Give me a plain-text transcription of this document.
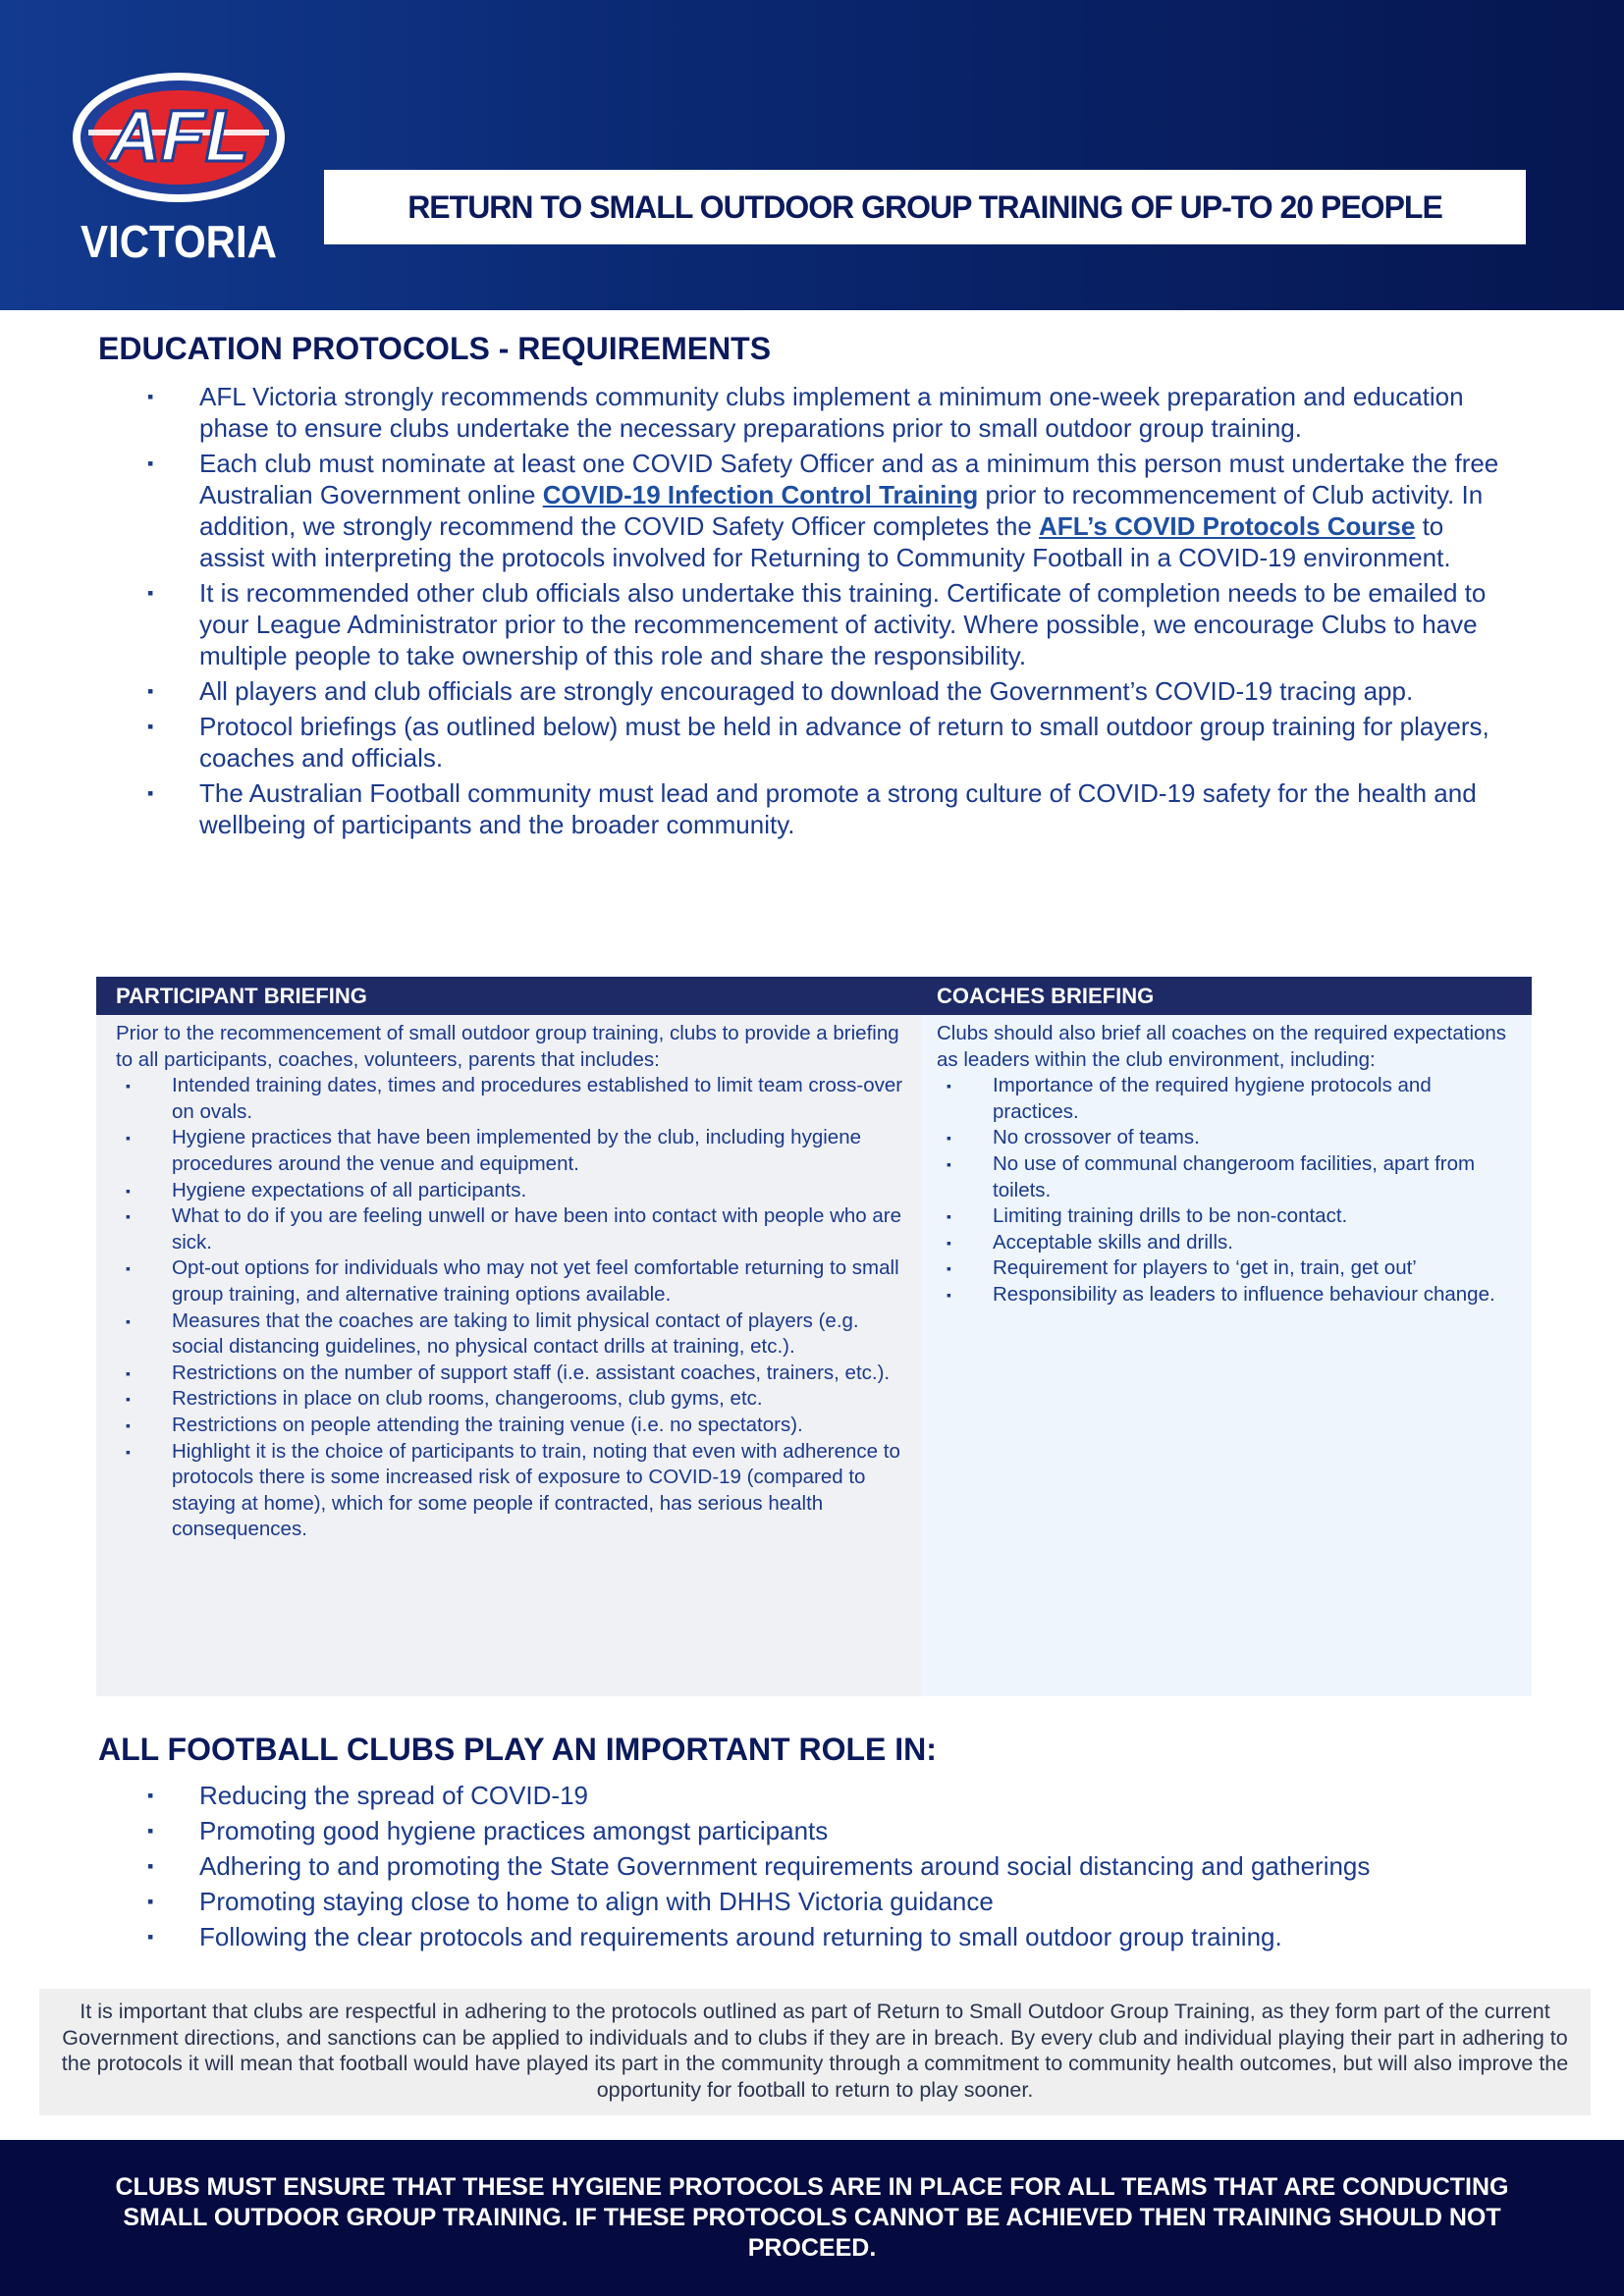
AFL
VICTORIA
RETURN TO SMALL OUTDOOR GROUP TRAINING OF UP-TO 20 PEOPLE
EDUCATION PROTOCOLS - REQUIREMENTS
▪ AFL Victoria strongly recommends community clubs implement a minimum one-week preparation and education phase to ensure clubs undertake the necessary preparations prior to small outdoor group training.
▪ Each club must nominate at least one COVID Safety Officer and as a minimum this person must undertake the free Australian Government online COVID-19 Infection Control Training prior to recommencement of Club activity. In addition, we strongly recommend the COVID Safety Officer completes the AFL’s COVID Protocols Course to assist with interpreting the protocols involved for Returning to Community Football in a COVID-19 environment.
▪ It is recommended other club officials also undertake this training. Certificate of completion needs to be emailed to your League Administrator prior to the recommencement of activity. Where possible, we encourage Clubs to have multiple people to take ownership of this role and share the responsibility.
▪ All players and club officials are strongly encouraged to download the Government’s COVID-19 tracing app.
▪ Protocol briefings (as outlined below) must be held in advance of return to small outdoor group training for players, coaches and officials.
▪ The Australian Football community must lead and promote a strong culture of COVID-19 safety for the health and wellbeing of participants and the broader community.
PARTICIPANT BRIEFING	COACHES BRIEFING

Prior to the recommencement of small outdoor group training, clubs to provide a briefing to all participants, coaches, volunteers, parents that includes:

▪ Intended training dates, times and procedures established to limit team cross-over on ovals.
▪ Hygiene practices that have been implemented by the club, including hygiene procedures around the venue and equipment.
▪ Hygiene expectations of all participants.
▪ What to do if you are feeling unwell or have been into contact with people who are sick.
▪ Opt-out options for individuals who may not yet feel comfortable returning to small group training, and alternative training options available.
▪ Measures that the coaches are taking to limit physical contact of players (e.g. social distancing guidelines, no physical contact drills at training, etc.).
▪ Restrictions on the number of support staff (i.e. assistant coaches, trainers, etc.).
▪ Restrictions in place on club rooms, changerooms, club gyms, etc.
▪ Restrictions on people attending the training venue (i.e. no spectators).
▪ Highlight it is the choice of participants to train, noting that even with adherence to protocols there is some increased risk of exposure to COVID-19 (compared to staying at home), which for some people if contracted, has serious health consequences.

Clubs should also brief all coaches on the required expectations as leaders within the club environment, including:

▪ Importance of the required hygiene protocols and practices.
▪ No crossover of teams.
▪ No use of communal changeroom facilities, apart from toilets.
▪ Limiting training drills to be non-contact.
▪ Acceptable skills and drills.
▪ Requirement for players to ‘get in, train, get out’
▪ Responsibility as leaders to influence behaviour change.
ALL FOOTBALL CLUBS PLAY AN IMPORTANT ROLE IN:
▪ Reducing the spread of COVID-19
▪ Promoting good hygiene practices amongst participants
▪ Adhering to and promoting the State Government requirements around social distancing and gatherings
▪ Promoting staying close to home to align with DHHS Victoria guidance
▪ Following the clear protocols and requirements around returning to small outdoor group training.
It is important that clubs are respectful in adhering to the protocols outlined as part of Return to Small Outdoor Group Training, as they form part of the current Government directions, and sanctions can be applied to individuals and to clubs if they are in breach. By every club and individual playing their part in adhering to the protocols it will mean that football would have played its part in the community through a commitment to community health outcomes, but will also improve the opportunity for football to return to play sooner.
CLUBS MUST ENSURE THAT THESE HYGIENE PROTOCOLS ARE IN PLACE FOR ALL TEAMS THAT ARE CONDUCTING SMALL OUTDOOR GROUP TRAINING. IF THESE PROTOCOLS CANNOT BE ACHIEVED THEN TRAINING SHOULD NOT PROCEED.
